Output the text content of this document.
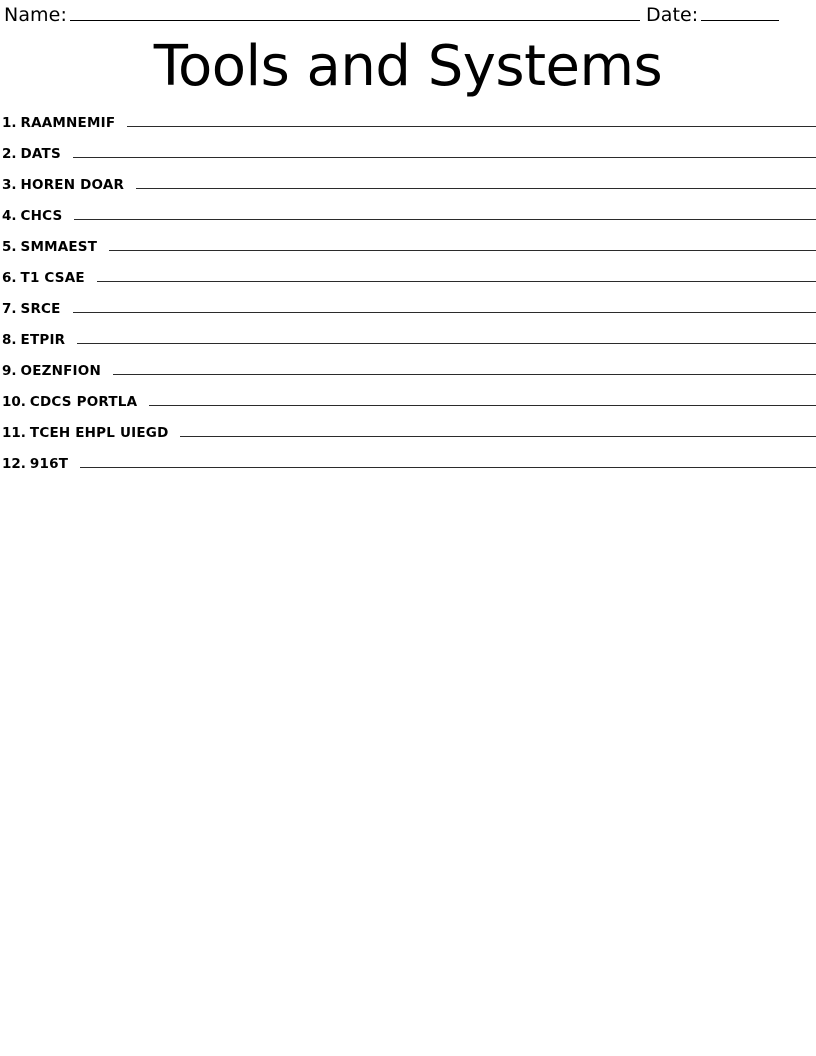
Name:	Date:
Tools and Systems
1. RAAMNEMIF
2. DATS
3. HOREN DOAR
4. CHCS
5. SMMAEST
6. T1 CSAE
7. SRCE
8. ETPIR
9. OEZNFION
10. CDCS PORTLA
11. TCEH EHPL UIEGD
12. 916T
